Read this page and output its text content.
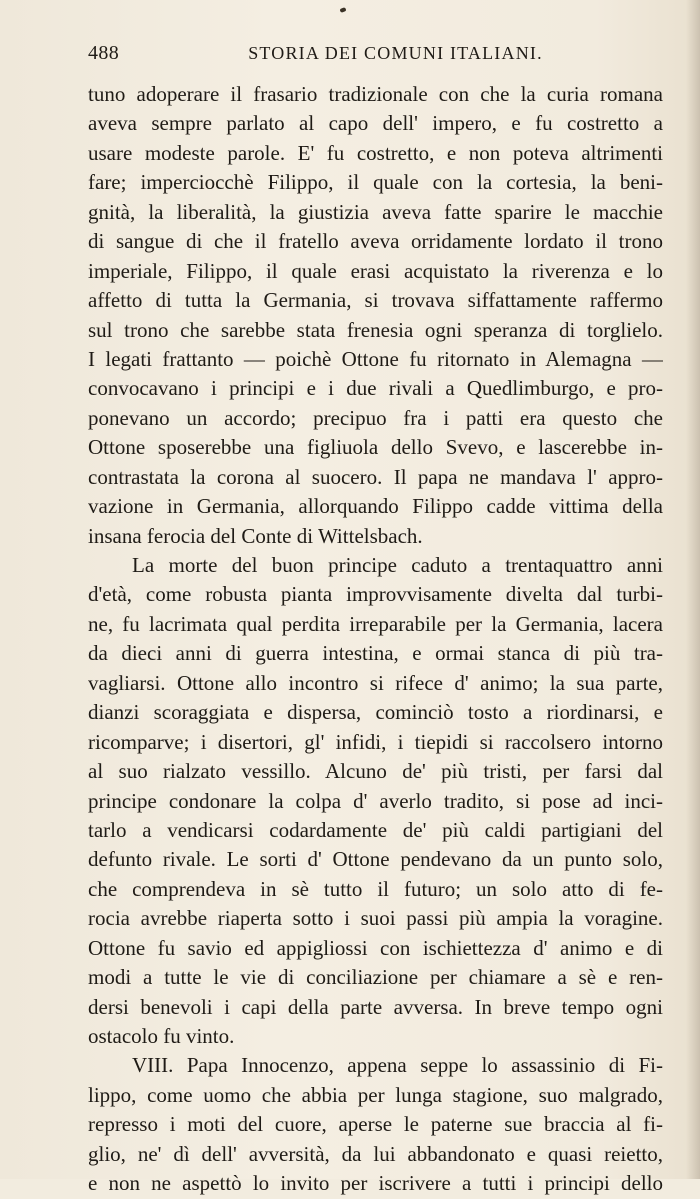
488	STORIA DEI COMUNI ITALIANI.
tuno adoperare il frasario tradizionale con che la curia romana
aveva sempre parlato al capo dell' impero, e fu costretto a
usare modeste parole. E' fu costretto, e non poteva altrimenti
fare; imperciocchè Filippo, il quale con la cortesia, la beni-
gnità, la liberalità, la giustizia aveva fatte sparire le macchie
di sangue di che il fratello aveva orridamente lordato il trono
imperiale, Filippo, il quale erasi acquistato la riverenza e lo
affetto di tutta la Germania, si trovava siffattamente raffermo
sul trono che sarebbe stata frenesia ogni speranza di torglielo.
I legati frattanto — poichè Ottone fu ritornato in Alemagna —
convocavano i principi e i due rivali a Quedlimburgo, e pro-
ponevano un accordo; precipuo fra i patti era questo che
Ottone sposerebbe una figliuola dello Svevo, e lascerebbe in-
contrastata la corona al suocero. Il papa ne mandava l' appro-
vazione in Germania, allorquando Filippo cadde vittima della
insana ferocia del Conte di Wittelsbach.
La morte del buon principe caduto a trentaquattro anni
d'età, come robusta pianta improvvisamente divelta dal turbi-
ne, fu lacrimata qual perdita irreparabile per la Germania, lacera
da dieci anni di guerra intestina, e ormai stanca di più tra-
vagliarsi. Ottone allo incontro si rifece d' animo; la sua parte,
dianzi scoraggiata e dispersa, cominciò tosto a riordinarsi, e
ricomparve; i disertori, gl' infidi, i tiepidi si raccolsero intorno
al suo rialzato vessillo. Alcuno de' più tristi, per farsi dal
principe condonare la colpa d' averlo tradito, si pose ad inci-
tarlo a vendicarsi codardamente de' più caldi partigiani del
defunto rivale. Le sorti d' Ottone pendevano da un punto solo,
che comprendeva in sè tutto il futuro; un solo atto di fe-
rocia avrebbe riaperta sotto i suoi passi più ampia la voragine.
Ottone fu savio ed appigliossi con ischiettezza d' animo e di
modi a tutte le vie di conciliazione per chiamare a sè e ren-
dersi benevoli i capi della parte avversa. In breve tempo ogni
ostacolo fu vinto.
VIII. Papa Innocenzo, appena seppe lo assassinio di Fi-
lippo, come uomo che abbia per lunga stagione, suo malgrado,
represso i moti del cuore, aperse le paterne sue braccia al fi-
glio, ne' dì dell' avversità, da lui abbandonato e quasi reietto,
e non ne aspettò lo invito per iscrivere a tutti i principi dello
